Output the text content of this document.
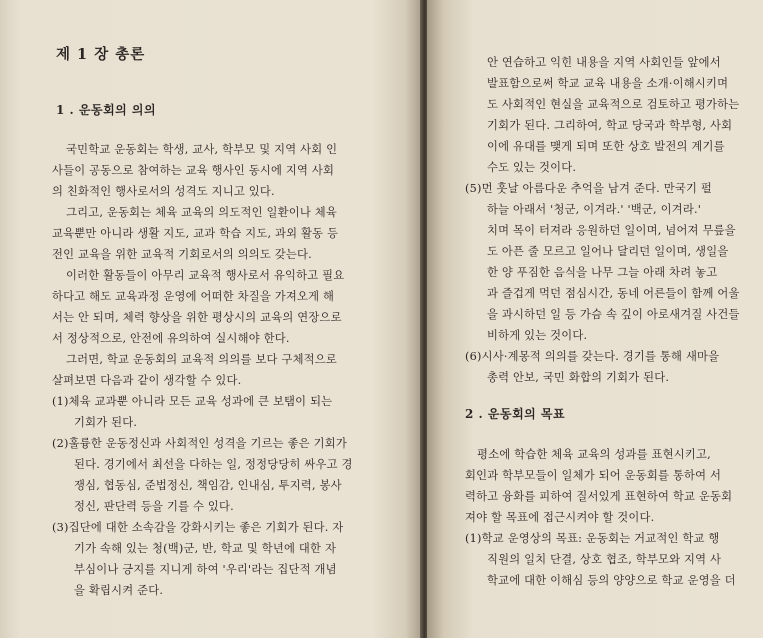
제 1 장 총론
1 . 운동회의 의의
국민학교 운동회는 학생, 교사, 학부모 및 지역 사회 인
사들이 공동으로 참여하는 교육 행사인 동시에 지역 사회
의 친화적인 행사로서의 성격도 지니고 있다.
그리고, 운동회는 체육 교육의 의도적인 일환이나 체육
교육뿐만 아니라 생활 지도, 교과 학습 지도, 과외 활동 등
전인 교육을 위한 교육적 기회로서의 의의도 갖는다.
이러한 활동들이 아무리 교육적 행사로서 유익하고 필요
하다고 해도 교육과정 운영에 어떠한 차질을 가져오게 해
서는 안 되며, 체력 향상을 위한 평상시의 교육의 연장으로
서 정상적으로, 안전에 유의하여 실시해야 한다.
그러면, 학교 운동회의 교육적 의의를 보다 구체적으로
살펴보면 다음과 같이 생각할 수 있다.
(1)체육 교과뿐 아니라 모든 교육 성과에 큰 보탬이 되는
기회가 된다.
(2)훌륭한 운동정신과 사회적인 성격을 기르는 좋은 기회가
된다. 경기에서 최선을 다하는 일, 정정당당히 싸우고 경
쟁심, 협동심, 준법정신, 책임감, 인내심, 투지력, 봉사
정신, 판단력 등을 기를 수 있다.
(3)집단에 대한 소속감을 강화시키는 좋은 기회가 된다. 자
기가 속해 있는 청(백)군, 반, 학교 및 학년에 대한 자
부심이나 긍지를 지니게 하여 '우리'라는 집단적 개념
을 확립시켜 준다.
안 연습하고 익힌 내용을 지역 사회인들 앞에서
발표함으로써 학교 교육 내용을 소개·이해시키며
도 사회적인 현실을 교육적으로 검토하고 평가하는
기회가 된다. 그리하여, 학교 당국과 학부형, 사회
이에 유대를 맺게 되며 또한 상호 발전의 계기를
수도 있는 것이다.
(5)먼 훗날 아름다운 추억을 남겨 준다. 만국기 펄
하늘 아래서 '청군, 이겨라.' '백군, 이겨라.'
치며 목이 터져라 응원하던 일이며, 넘어져 무릎을
도 아픈 줄 모르고 일어나 달리던 일이며, 생일을
한 양 푸짐한 음식을 나무 그늘 아래 차려 놓고
과 즐겁게 먹던 점심시간, 동네 어른들이 함께 어울
을 과시하던 일 등 가슴 속 깊이 아로새겨질 사건들
비하게 있는 것이다.
(6)시사·계몽적 의의를 갖는다. 경기를 통해 새마을
총력 안보, 국민 화합의 기회가 된다.
2 . 운동회의 목표
평소에 학습한 체육 교육의 성과를 표현시키고,
회인과 학부모들이 일체가 되어 운동회를 통하여 서
력하고 융화를 피하여 질서있게 표현하여 학교 운동회
져야 할 목표에 접근시켜야 할 것이다.
(1)학교 운영상의 목표: 운동회는 거교적인 학교 행
직원의 일치 단결, 상호 협조, 학부모와 지역 사
학교에 대한 이해심 등의 양양으로 학교 운영을 더
